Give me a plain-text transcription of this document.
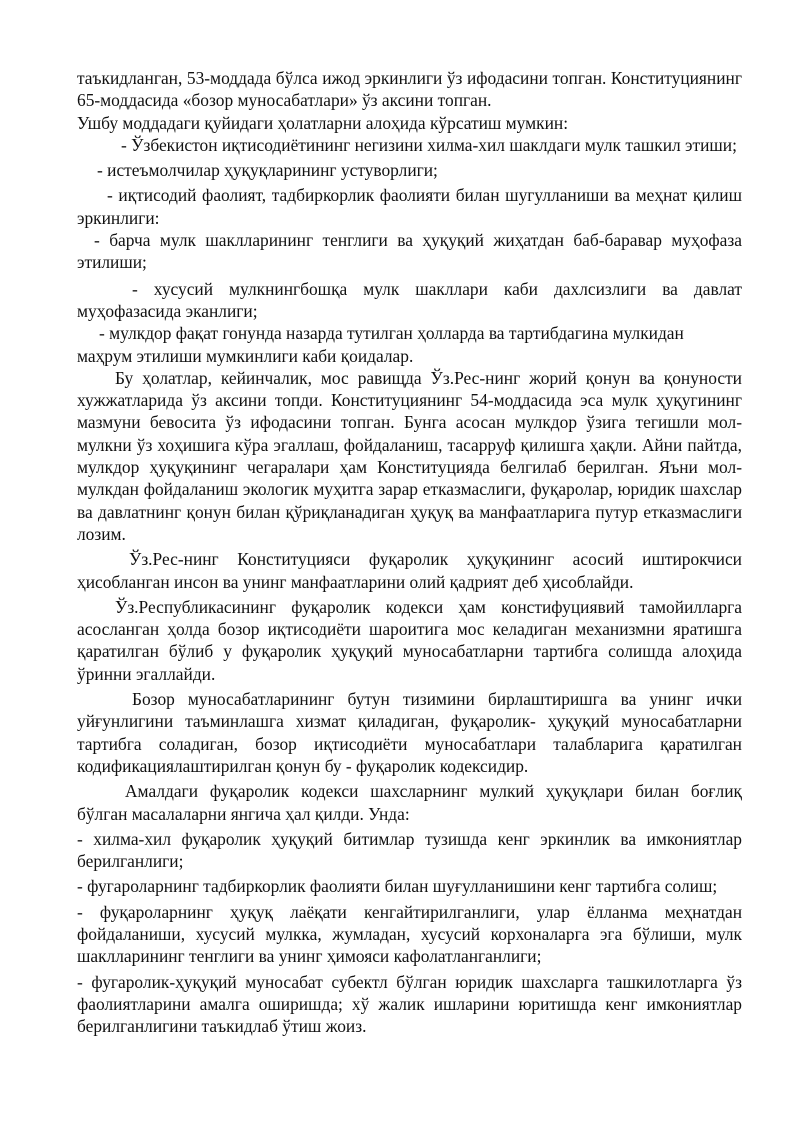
таъкидланган, 53-моддада бўлса ижод эркинлиги ўз ифодасини топган. Конституциянинг 65-моддасида «бозор муносабатлари» ўз аксини топган.

Ушбу моддадаги қуйидаги ҳолатларни алоҳида кўрсатиш мумкин:

- Ўзбекистон иқтисодиётининг негизини хилма-хил шаклдаги мулк ташкил этиши;

- истеъмолчилар ҳуқуқларининг устуворлиги;

- иқтисодий фаолият, тадбиркорлик фаолияти билан шугулланиши ва меҳнат қилиш эркинлиги:

- барча мулк шаклларининг тенглиги ва ҳуқуқий жиҳатдан баб-баравар муҳофаза этилиши;

- хусусий мулкнингбошқа мулк шакллари каби дахлсизлиги ва давлат муҳофазасида эканлиги;

- мулкдор фақат гонунда назарда тутилган ҳолларда ва тартибдагина мулкидан маҳрум этилиши мумкинлиги каби қоидалар.

Бу ҳолатлар, кейинчалик, мос равищда Ўз.Рес-нинг жорий қонун ва қонуности хужжатларида ўз аксини топди. Конституциянинг 54-моддасида эса мулк ҳуқугининг мазмуни бевосита ўз ифодасини топган. Бунга асосан мулкдор ўзига тегишли мол-мулкни ўз хоҳишига кўра эгаллаш, фойдаланиш, тасарруф қилишга ҳақли. Айни пайтда, мулкдор ҳуқуқининг чегаралари ҳам Конституцияда белгилаб берилган. Яъни мол-мулкдан фойдаланиш экологик муҳитга зарар етказмаслиги, фуқаролар, юридик шахслар ва давлатнинг қонун билан қўриқланадиган ҳуқуқ ва манфаатларига путур етказмаслиги лозим.

Ўз.Рес-нинг Конституцияси фуқаролик ҳуқуқининг асосий иштирокчиси ҳисобланган инсон ва унинг манфаатларини олий қадрият деб ҳисоблайди.

Ўз.Республикасининг фуқаролик кодекси ҳам констифуциявий тамойилларга асосланган ҳолда бозор иқтисодиёти шароитига мос келадиган механизмни яратишга қаратилган бўлиб у фуқаролик ҳуқуқий муносабатларни тартибга солишда алоҳида ўринни эгаллайди.

Бозор муносабатларининг бутун тизимини бирлаштиришга ва унинг ички уйғунлигини таъминлашга хизмат қиладиган, фуқаролик- ҳуқуқий муносабатларни тартибга соладиган, бозор иқтисодиёти муносабатлари талабларига қаратилган кодификациялаштирилган қонун бу - фуқаролик кодексидир.

Амалдаги фуқаролик кодекси шахсларнинг мулкий ҳуқуқлари билан боғлиқ бўлган масалаларни янгича ҳал қилди. Унда:

- хилма-хил фуқаролик ҳуқуқий битимлар тузишда кенг эркинлик ва имкониятлар берилганлиги;

- фугароларнинг тадбиркорлик фаолияти билан шуғулланишини кенг тартибга солиш;

- фуқароларнинг ҳуқуқ лаёқати кенгайтирилганлиги, улар ёлланма меҳнатдан фойдаланиши, хусусий мулкка, жумладан, хусусий корхоналарга эга бўлиши, мулк шаклларининг тенглиги ва унинг ҳимояси кафолатланганлиги;

- фугаролик-ҳуқуқий муносабат субектл бўлган юридик шахсларга ташкилотларга ўз фаолиятларини амалга оширишда; хў жалик ишларини юритишда кенг имкониятлар берилганлигини таъкидлаб ўтиш жоиз.
